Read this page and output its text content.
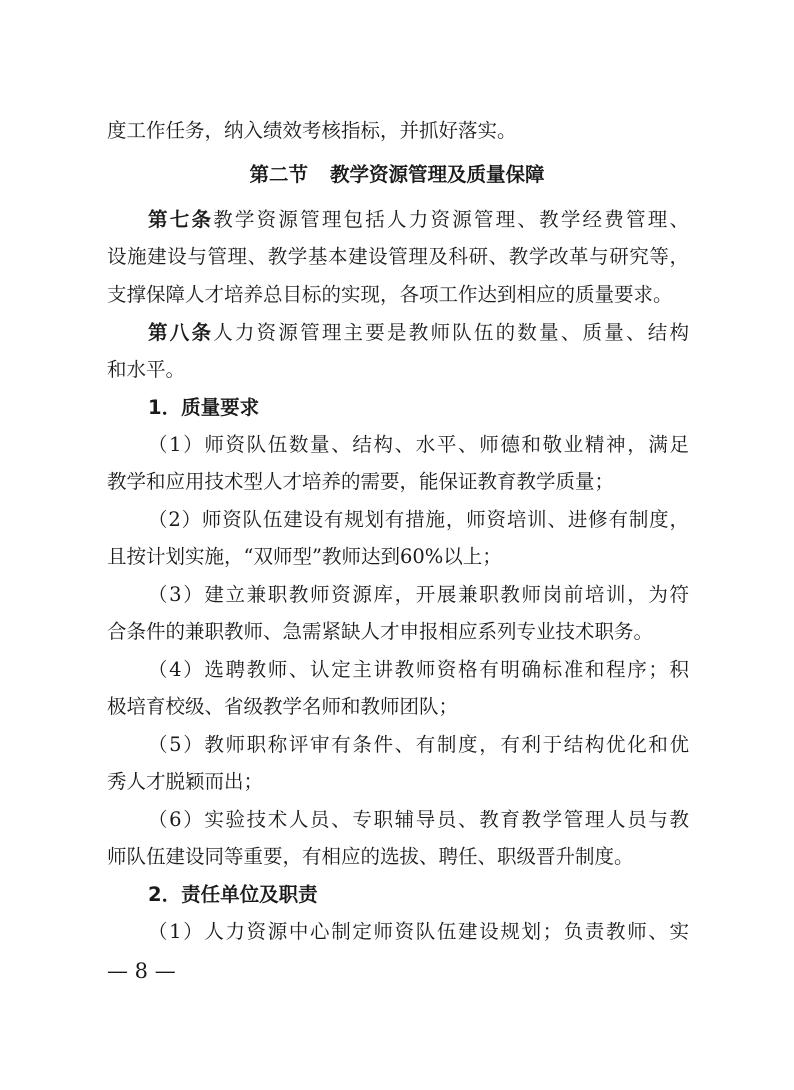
度工作任务，纳入绩效考核指标，并抓好落实。
第二节 教学资源管理及质量保障
第七条教学资源管理包括人力资源管理、教学经费管理、
设施建设与管理、教学基本建设管理及科研、教学改革与研究等，
支撑保障人才培养总目标的实现，各项工作达到相应的质量要求。
第八条人力资源管理主要是教师队伍的数量、质量、结构
和水平。
1．质量要求
（1）师资队伍数量、结构、水平、师德和敬业精神，满足
教学和应用技术型人才培养的需要，能保证教育教学质量；
（2）师资队伍建设有规划有措施，师资培训、进修有制度，
且按计划实施，“双师型”教师达到60%以上；
（3）建立兼职教师资源库，开展兼职教师岗前培训，为符
合条件的兼职教师、急需紧缺人才申报相应系列专业技术职务。
（4）选聘教师、认定主讲教师资格有明确标准和程序；积
极培育校级、省级教学名师和教师团队；
（5）教师职称评审有条件、有制度，有利于结构优化和优
秀人才脱颖而出；
（6）实验技术人员、专职辅导员、教育教学管理人员与教
师队伍建设同等重要，有相应的选拔、聘任、职级晋升制度。
2．责任单位及职责
（1）人力资源中心制定师资队伍建设规划；负责教师、实
— 8 —
